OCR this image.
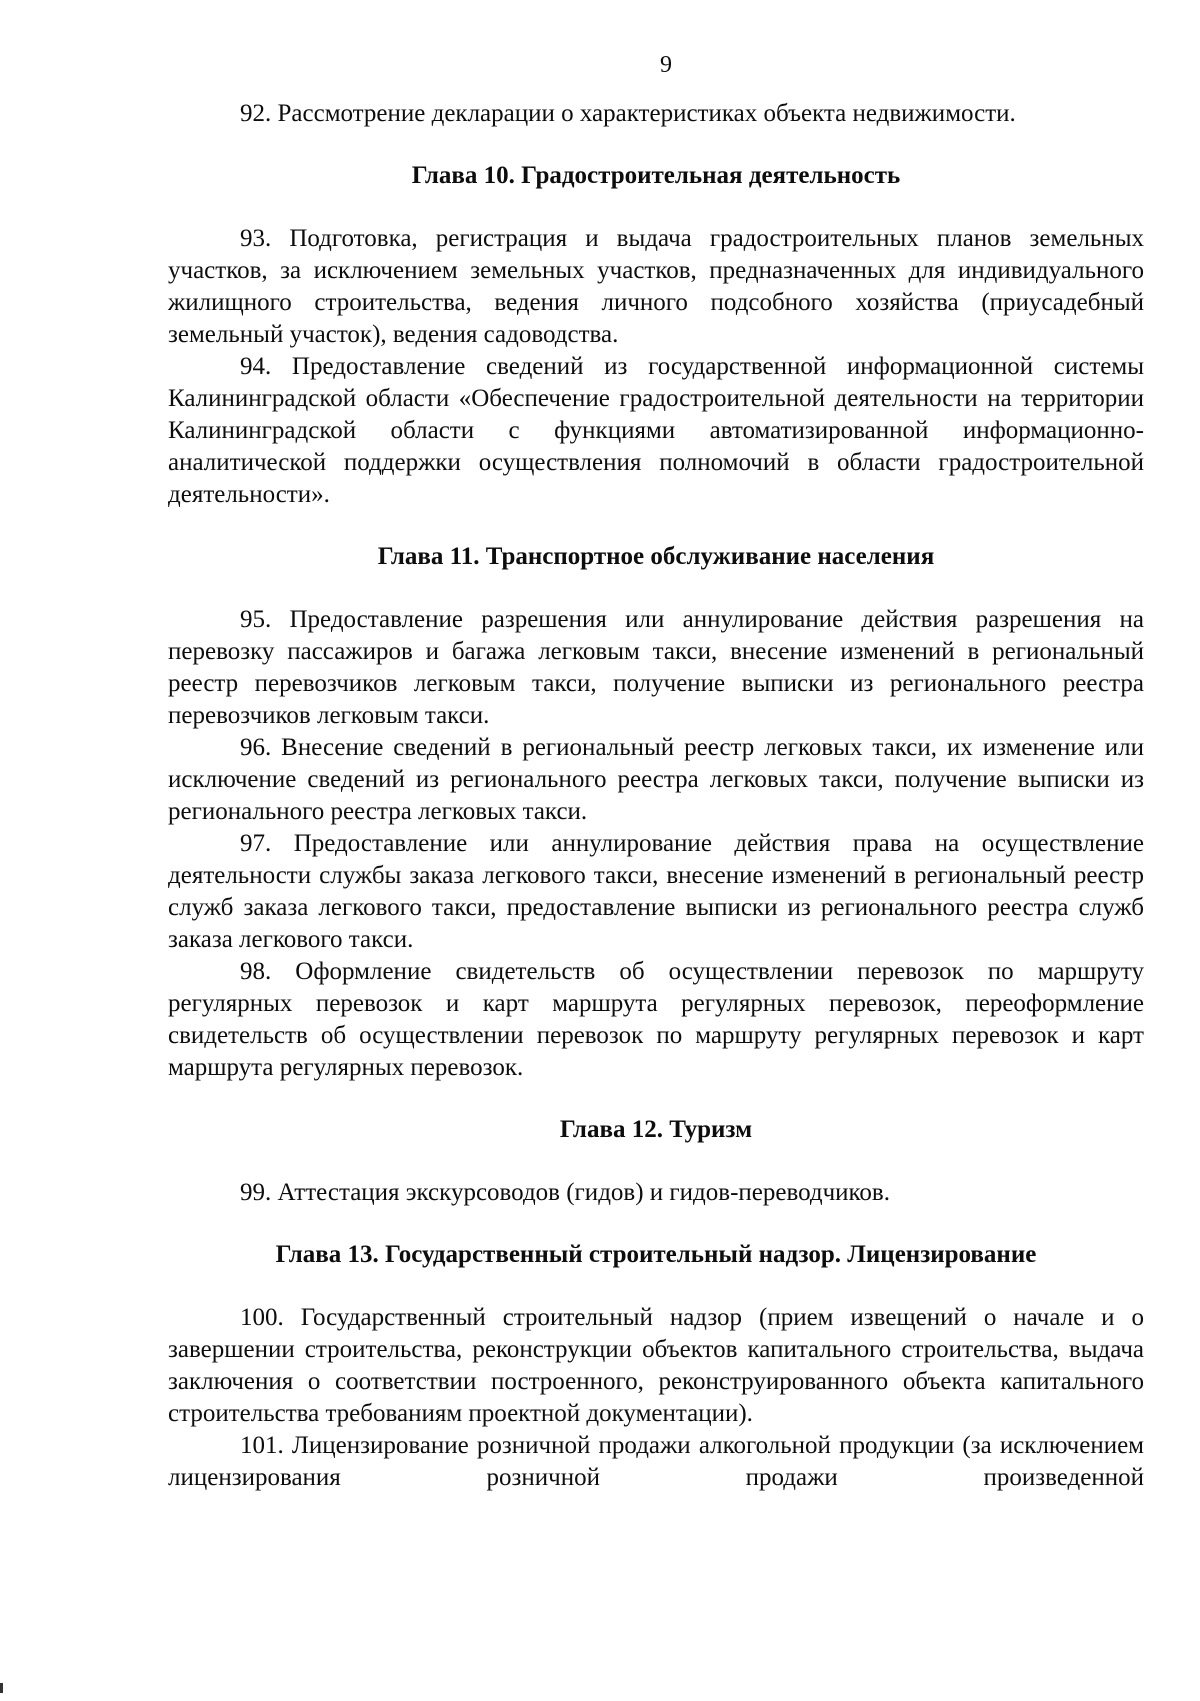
9

92. Рассмотрение декларации о характеристиках объекта недвижимости.

Глава 10. Градостроительная деятельность

93. Подготовка, регистрация и выдача градостроительных планов земельных участков, за исключением земельных участков, предназначенных для индивидуального жилищного строительства, ведения личного подсобного хозяйства (приусадебный земельный участок), ведения садоводства.

94. Предоставление сведений из государственной информационной системы Калининградской области «Обеспечение градостроительной деятельности на территории Калининградской области с функциями автоматизированной информационно-аналитической поддержки осуществления полномочий в области градостроительной деятельности».

Глава 11. Транспортное обслуживание населения

95. Предоставление разрешения или аннулирование действия разрешения на перевозку пассажиров и багажа легковым такси, внесение изменений в региональный реестр перевозчиков легковым такси, получение выписки из регионального реестра перевозчиков легковым такси.

96. Внесение сведений в региональный реестр легковых такси, их изменение или исключение сведений из регионального реестра легковых такси, получение выписки из регионального реестра легковых такси.

97. Предоставление или аннулирование действия права на осуществление деятельности службы заказа легкового такси, внесение изменений в региональный реестр служб заказа легкового такси, предоставление выписки из регионального реестра служб заказа легкового такси.

98. Оформление свидетельств об осуществлении перевозок по маршруту регулярных перевозок и карт маршрута регулярных перевозок, переоформление свидетельств об осуществлении перевозок по маршруту регулярных перевозок и карт маршрута регулярных перевозок.

Глава 12. Туризм

99. Аттестация экскурсоводов (гидов) и гидов-переводчиков.

Глава 13. Государственный строительный надзор. Лицензирование

100. Государственный строительный надзор (прием извещений о начале и о завершении строительства, реконструкции объектов капитального строительства, выдача заключения о соответствии построенного, реконструированного объекта капитального строительства требованиям проектной документации).

101. Лицензирование розничной продажи алкогольной продукции (за исключением лицензирования розничной продажи произведенной
